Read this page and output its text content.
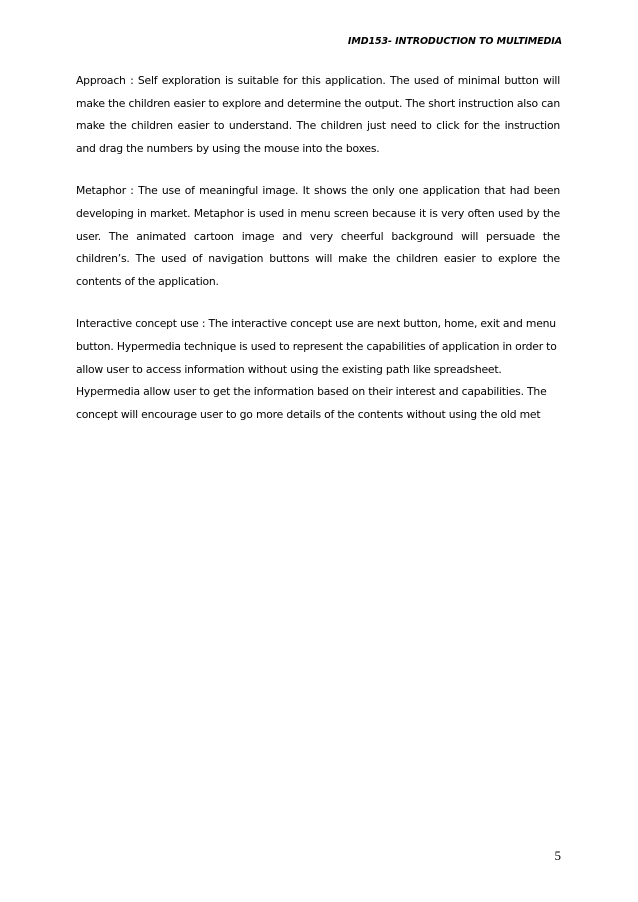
IMD153- INTRODUCTION TO MULTIMEDIA

Approach : Self exploration is suitable for this application. The used of minimal button will make the children easier to explore and determine the output. The short instruction also can make the children easier to understand. The children just need to click for the instruction and drag the numbers by using the mouse into the boxes.

Metaphor : The use of meaningful image. It shows the only one application that had been developing in market. Metaphor is used in menu screen because it is very often used by the user. The animated cartoon image and very cheerful background will persuade the children’s. The used of navigation buttons will make the children easier to explore the contents of the application.

Interactive concept use : The interactive concept use are next button, home, exit and menu button. Hypermedia technique is used to represent the capabilities of application in order to allow user to access information without using the existing path like spreadsheet. Hypermedia allow user to get the information based on their interest and capabilities. The concept will encourage user to go more details of the contents without using the old met

5
